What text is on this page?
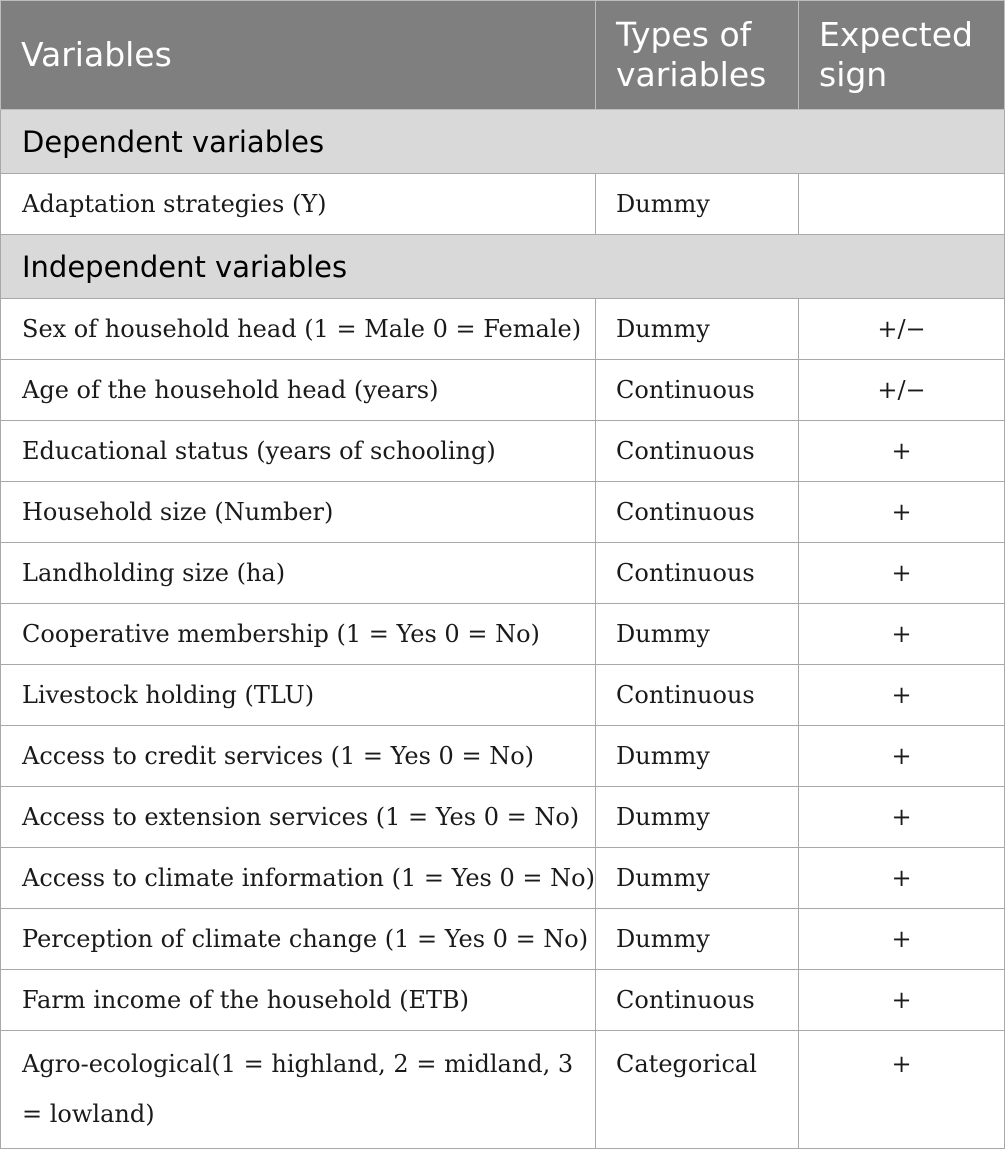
Variables	Types of variables	Expected sign
Dependent variables		
Adaptation strategies (Y)	Dummy	
Independent variables		
Sex of household head (1 = Male 0 = Female)	Dummy	+/−
Age of the household head (years)	Continuous	+/−
Educational status (years of schooling)	Continuous	+
Household size (Number)	Continuous	+
Landholding size (ha)	Continuous	+
Cooperative membership (1 = Yes 0 = No)	Dummy	+
Livestock holding (TLU)	Continuous	+
Access to credit services (1 = Yes 0 = No)	Dummy	+
Access to extension services (1 = Yes 0 = No)	Dummy	+
Access to climate information (1 = Yes 0 = No)	Dummy	+
Perception of climate change (1 = Yes 0 = No)	Dummy	+
Farm income of the household (ETB)	Continuous	+
Agro-ecological(1 = highland, 2 = midland, 3 = lowland)	Categorical	+
